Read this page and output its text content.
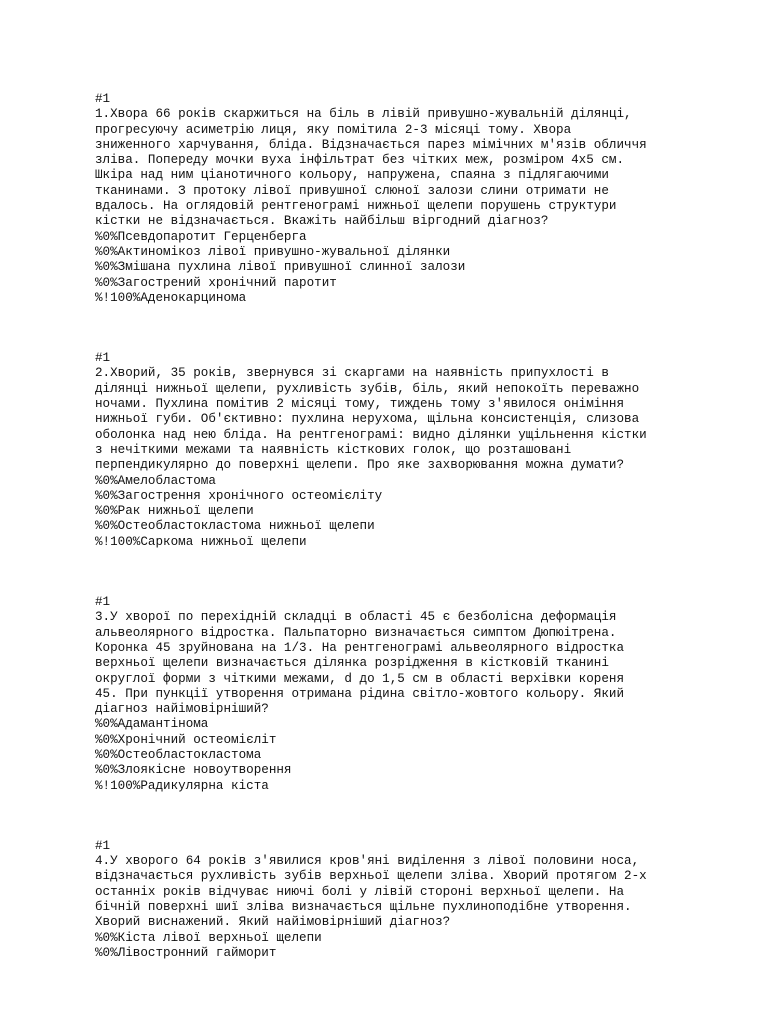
#1
1.Хвора 66 років скаржиться на біль в лівій привушно-жувальній ділянці,
прогресуючу асиметрію лиця, яку помітила 2-3 місяці тому. Хвора
зниженного харчування, бліда. Відзначається парез мімічних м'язів обличчя
зліва. Попереду мочки вуха інфільтрат без чітких меж, розміром 4х5 см.
Шкіра над ним ціанотичного кольору, напружена, спаяна з підлягаючими
тканинами. З протоку лівої привушної слюної залози слини отримати не
вдалось. На оглядовій рентгенограмі нижньої щелепи порушень структури
кістки не відзначається. Вкажіть найбільш віргодний діагноз?
%0%Псевдопаротит Герценберга
%0%Актиномікоз лівої привушно-жувальної ділянки
%0%Змішана пухлина лівої привушної слинної залози
%0%Загострений хронічний паротит
%!100%Аденокарцинома
#1
2.Хворий, 35 років, звернувся зі скаргами на наявність припухлості в
ділянці нижньої щелепи, рухливість зубів, біль, який непокоїть переважно
ночами. Пухлина помітив 2 місяці тому, тиждень тому з'явилося оніміння
нижньої губи. Об'єктивно: пухлина нерухома, щільна консистенція, слизова
оболонка над нею бліда. На рентгенограмі: видно ділянки ущільнення кістки
з нечіткими межами та наявність кісткових голок, що розташовані
перпендикулярно до поверхні щелепи. Про яке захворювання можна думати?
%0%Амелобластома
%0%Загострення хронічного остеомієліту
%0%Рак нижньої щелепи
%0%Остеобластокластома нижньої щелепи
%!100%Саркома нижньої щелепи
#1
3.У хворої по перехідній складці в області 45 є безболісна деформація
альвеолярного відростка. Пальпаторно визначається симптом Дюпюітрена.
Коронка 45 зруйнована на 1/3. На рентгенограмі альвеолярного відростка
верхньої щелепи визначається ділянка розрідження в кістковій тканині
округлої форми з чіткими межами, d до 1,5 см в області верхівки кореня
45. При пункції утворення отримана рідина світло-жовтого кольору. Який
діагноз найімовірніший?
%0%Адамантінома
%0%Хронічний остеомієліт
%0%Остеобластокластома
%0%Злоякісне новоутворення
%!100%Радикулярна кіста
#1
4.У хворого 64 років з'явилися кров'яні виділення з лівої половини носа,
відзначається рухливість зубів верхньої щелепи зліва. Хворий протягом 2-х
останніх років відчуває ниючі болі у лівій стороні верхньої щелепи. На
бічній поверхні шиї зліва визначається щільне пухлиноподібне утворення.
Хворий виснажений. Який найімовірніший діагноз?
%0%Кіста лівої верхньої щелепи
%0%Лівостронний гайморит
